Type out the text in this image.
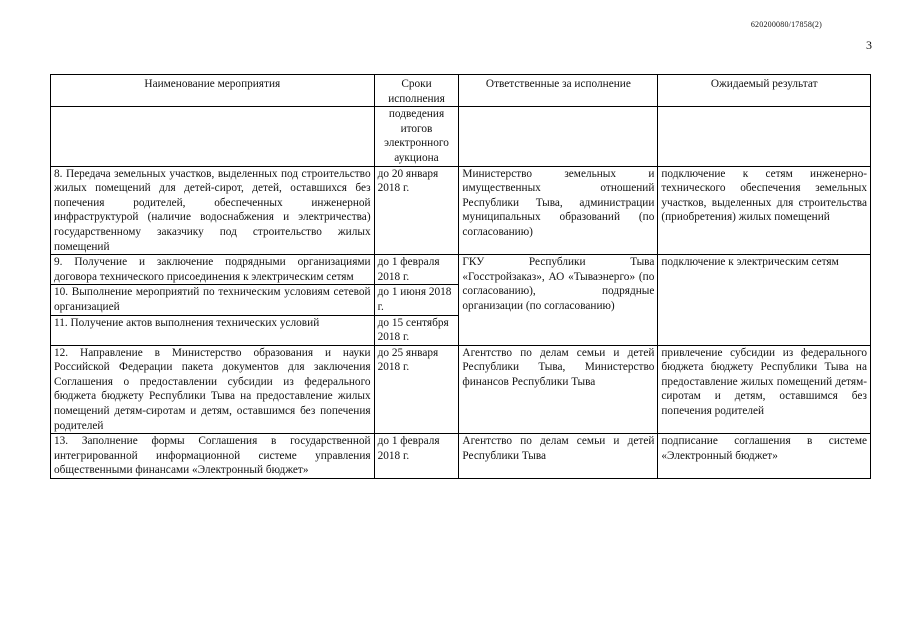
620200080/17858(2)
3
Наименование мероприятия	Сроки исполнения	Ответственные за исполнение	Ожидаемый результат
	подведения итогов электронного аукциона		
8. Передача земельных участков, выделенных под строительство жилых помещений для детей-сирот, детей, оставшихся без попечения родителей, обеспеченных инженерной инфраструктурой (наличие водоснабжения и электричества) государственному заказчику под строительство жилых помещений	до 20 января 2018 г.	Министерство земельных и имущественных отношений Республики Тыва, администрации муниципальных образований (по согласованию)	подключение к сетям инженерно-технического обеспечения земельных участков, выделенных для строительства (приобретения) жилых помещений
9. Получение и заключение подрядными организациями договора технического присоединения к электрическим сетям	до 1 февраля 2018 г.	ГКУ Республики Тыва «Госстройзаказ», АО «Тываэнерго» (по согласованию), подрядные организации (по согласованию)	подключение к электрическим сетям
10. Выполнение мероприятий по техническим условиям сетевой организацией	до 1 июня 2018 г.		
11. Получение актов выполнения технических условий	до 15 сентября 2018 г.		
12. Направление в Министерство образования и науки Российской Федерации пакета документов для заключения Соглашения о предоставлении субсидии из федерального бюджета бюджету Республики Тыва на предоставление жилых помещений детям-сиротам и детям, оставшимся без попечения родителей	до 25 января 2018 г.	Агентство по делам семьи и детей Республики Тыва, Министерство финансов Республики Тыва	привлечение субсидии из федерального бюджета бюджету Республики Тыва на предоставление жилых помещений детям-сиротам и детям, оставшимся без попечения родителей
13. Заполнение формы Соглашения в государственной интегрированной информационной системе управления общественными финансами «Электронный бюджет»	до 1 февраля 2018 г.	Агентство по делам семьи и детей Республики Тыва	подписание соглашения в системе «Электронный бюджет»
